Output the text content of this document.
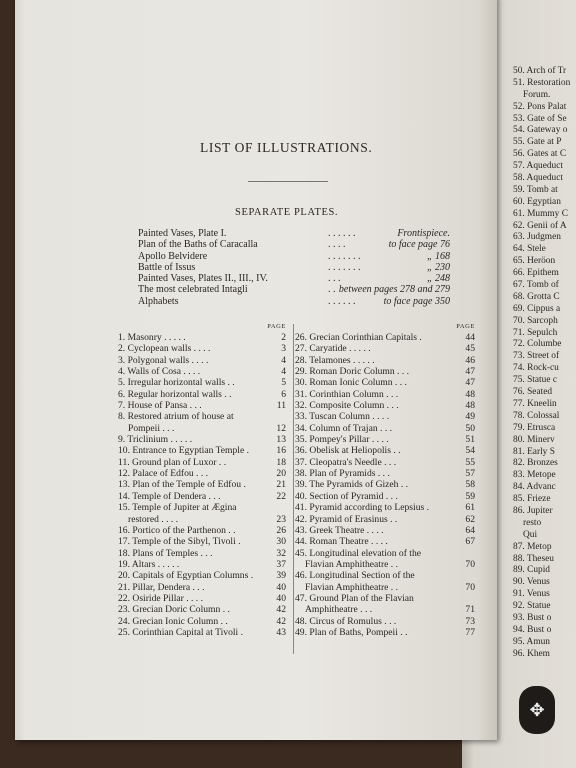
50. Arch of Tr
51. Restoration
Forum.
52. Pons Palat
53. Gate of Se
54. Gateway o
55. Gate at P
56. Gates at C
57. Aqueduct
58. Aqueduct
59. Tomb at
60. Egyptian
61. Mummy C
62. Genii of A
63. Judgmen
64. Stele
65. Heröon
66. Epithem
67. Tomb of
68. Grotta C
69. Cippus a
70. Sarcoph
71. Sepulch
72. Columbe
73. Street of
74. Rock-cu
75. Statue c
76. Seated
77. Kneelin
78. Colossal
79. Etrusca
80. Minerv
81. Early S
82. Bronzes
83. Metope
84. Advanc
85. Frieze
86. Jupiter
resto
Qui
87. Metop
88. Theseu
89. Cupid
90. Venus
91. Venus
92. Statue
93. Bust o
94. Bust o
95. Amun
96. Khem
LIST OF ILLUSTRATIONS.
SEPARATE PLATES.
Painted Vases, Plate I.	. . . . . .	Frontispiece.
Plan of the Baths of Caracalla	. . . .	to face page 76
Apollo Belvidere	. . . . . . .	„ 168
Battle of Issus	. . . . . . .	„ 230
Painted Vases, Plates II., III., IV.	. . .	„ 248
The most celebrated Intagli	. . between pages 278 and 279
Alphabets	. . . . . .	to face page 350
PAGE
1. Masonry . . . . .	2
2. Cyclopean walls . . . .	3
3. Polygonal walls . . . .	4
4. Walls of Cosa . . . .	4
5. Irregular horizontal walls . .	5
6. Regular horizontal walls . .	6
7. House of Pansa . . .	11
8. Restored atrium of house at
Pompeii . . .	12
9. Triclinium . . . . .	13
10. Entrance to Egyptian Temple .	16
11. Ground plan of Luxor . .	18
12. Palace of Edfou . . .	20
13. Plan of the Temple of Edfou .	21
14. Temple of Dendera . . .	22
15. Temple of Jupiter at Ægina
restored . . . .	23
16. Portico of the Parthenon . .	26
17. Temple of the Sibyl, Tivoli .	30
18. Plans of Temples . . .	32
19. Altars . . . . .	37
20. Capitals of Egyptian Columns . 39
21. Pillar, Dendera . . .	40
22. Osiride Pillar . . . .	40
23. Grecian Doric Column . .	42
24. Grecian Ionic Column . .	42
25. Corinthian Capital at Tivoli .	43
PAGE
26. Grecian Corinthian Capitals .	44
27. Caryatide . . . . .	45
28. Telamones . . . . .	46
29. Roman Doric Column . . .	47
30. Roman Ionic Column . . .	47
31. Corinthian Column . . .	48
32. Composite Column . . .	48
33. Tuscan Column . . . .	49
34. Column of Trajan . . .	50
35. Pompey's Pillar . . . .	51
36. Obelisk at Heliopolis . .	54
37. Cleopatra's Needle . . .	55
38. Plan of Pyramids . . .	57
39. The Pyramids of Gizeh . .	58
40. Section of Pyramid . . .	59
41. Pyramid according to Lepsius .	61
42. Pyramid of Erasinus . .	62
43. Greek Theatre . . . .	64
44. Roman Theatre . . . .	67
45. Longitudinal elevation of the
Flavian Amphitheatre . .	70
46. Longitudinal Section of the
Flavian Amphitheatre . .	70
47. Ground Plan of the Flavian
Amphitheatre . . .	71
48. Circus of Romulus . . .	73
49. Plan of Baths, Pompeii . .	77
✥
